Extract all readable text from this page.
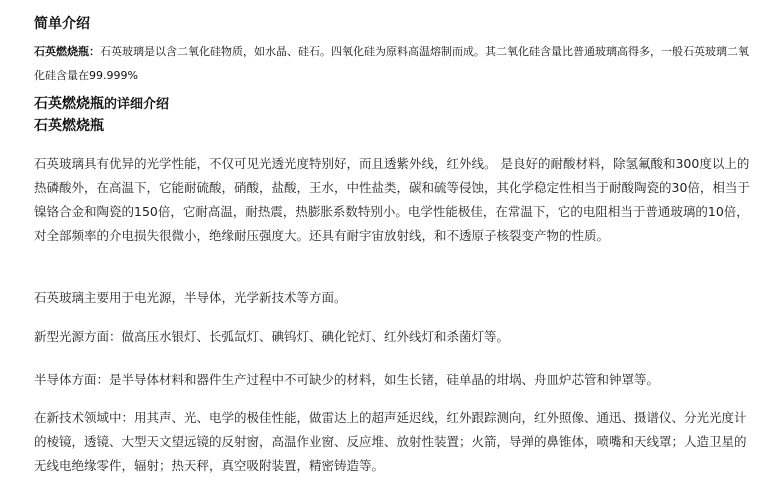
简单介绍

石英燃烧瓶：石英玻璃是以含二氧化硅物质，如水晶、硅石。四氧化硅为原料高温熔制而成。其二氧化硅含量比普通玻璃高得多，一般石英玻璃二氧化硅含量在99.999%

石英燃烧瓶的详细介绍
石英燃烧瓶

石英玻璃具有优异的光学性能，不仅可见光透光度特别好，而且透紫外线，红外线。 是良好的耐酸材料，除氢氟酸和300度以上的热磷酸外，在高温下，它能耐硫酸，硝酸，盐酸，王水，中性盐类，碳和硫等侵蚀，其化学稳定性相当于耐酸陶瓷的30倍，相当于镍铬合金和陶瓷的150倍，它耐高温，耐热震，热膨胀系数特别小。电学性能极佳，在常温下，它的电阻相当于普通玻璃的10倍，对全部频率的介电损失很微小，绝缘耐压强度大。还具有耐宇宙放射线，和不透原子核裂变产物的性质。

石英玻璃主要用于电光源，半导体，光学新技术等方面。

新型光源方面：做高压水银灯、长弧氙灯、碘钨灯、碘化铊灯、红外线灯和杀菌灯等。

半导体方面：是半导体材料和器件生产过程中不可缺少的材料，如生长锗，硅单晶的坩埚、舟皿炉芯管和钟罩等。

在新技术领域中：用其声、光、电学的极佳性能，做雷达上的超声延迟线，红外跟踪测向，红外照像、通迅、摄谱仪、分光光度计的棱镜，透镜、大型天文望远镜的反射窗，高温作业窗、反应堆、放射性装置；火箭，导弹的鼻锥体，喷嘴和天线罩；人造卫星的无线电绝缘零件，辐射；热天秤，真空吸附装置，精密铸造等。
